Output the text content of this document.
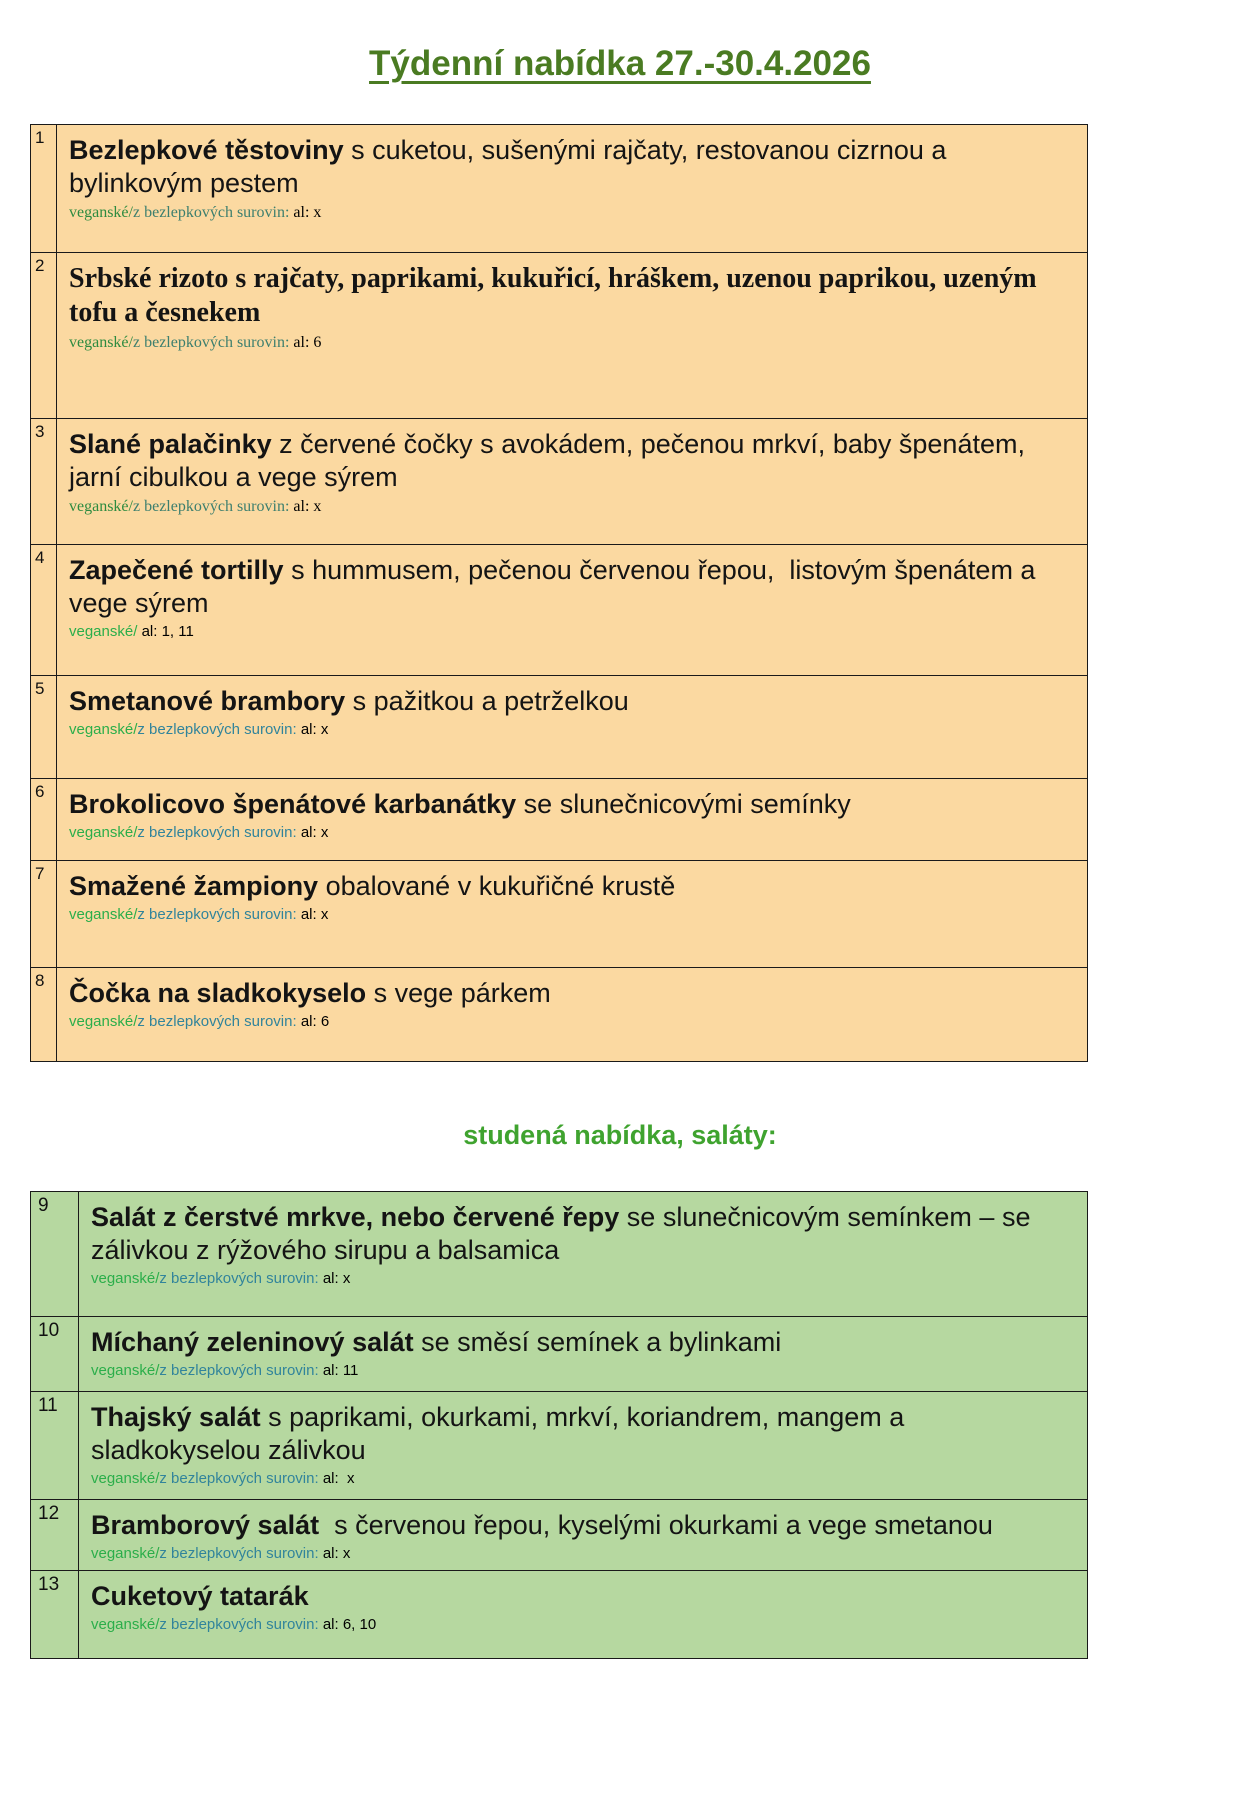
Týdenní nabídka 27.-30.4.2026
1 Bezlepkové těstoviny s cuketou, sušenými rajčaty, restovanou cizrnou a bylinkovým pestem
veganské/z bezlepkových surovin: al: x
2 Srbské rizoto s rajčaty, paprikami, kukuřicí, hráškem, uzenou paprikou, uzeným tofu a česnekem
veganské/z bezlepkových surovin: al: 6
3 Slané palačinky z červené čočky s avokádem, pečenou mrkví, baby špenátem, jarní cibulkou a vege sýrem
veganské/z bezlepkových surovin: al: x
4 Zapečené tortilly s hummusem, pečenou červenou řepou,  listovým špenátem a vege sýrem
veganské/ al: 1, 11
5 Smetanové brambory s pažitkou a petrželkou
veganské/z bezlepkových surovin: al: x
6 Brokolicovo špenátové karbanátky se slunečnicovými semínky
veganské/z bezlepkových surovin: al: x
7 Smažené žampiony obalované v kukuřičné krustě
veganské/z bezlepkových surovin: al: x
8 Čočka na sladkokyselo s vege párkem
veganské/z bezlepkových surovin: al: 6
studená nabídka, saláty:
9	Salát z čerstvé mrkve, nebo červené řepy se slunečnicovým semínkem – se zálivkou z rýžového sirupu a balsamica
veganské/z bezlepkových surovin: al: x
10	Míchaný zeleninový salát se směsí semínek a bylinkami
veganské/z bezlepkových surovin: al: 11
11	Thajský salát s paprikami, okurkami, mrkví, koriandrem, mangem a sladkokyselou zálivkou
veganské/z bezlepkových surovin: al:  x
12	Bramborový salát  s červenou řepou, kyselými okurkami a vege smetanou
veganské/z bezlepkových surovin: al: x
13	Cuketový tatarák
veganské/z bezlepkových surovin: al: 6, 10
